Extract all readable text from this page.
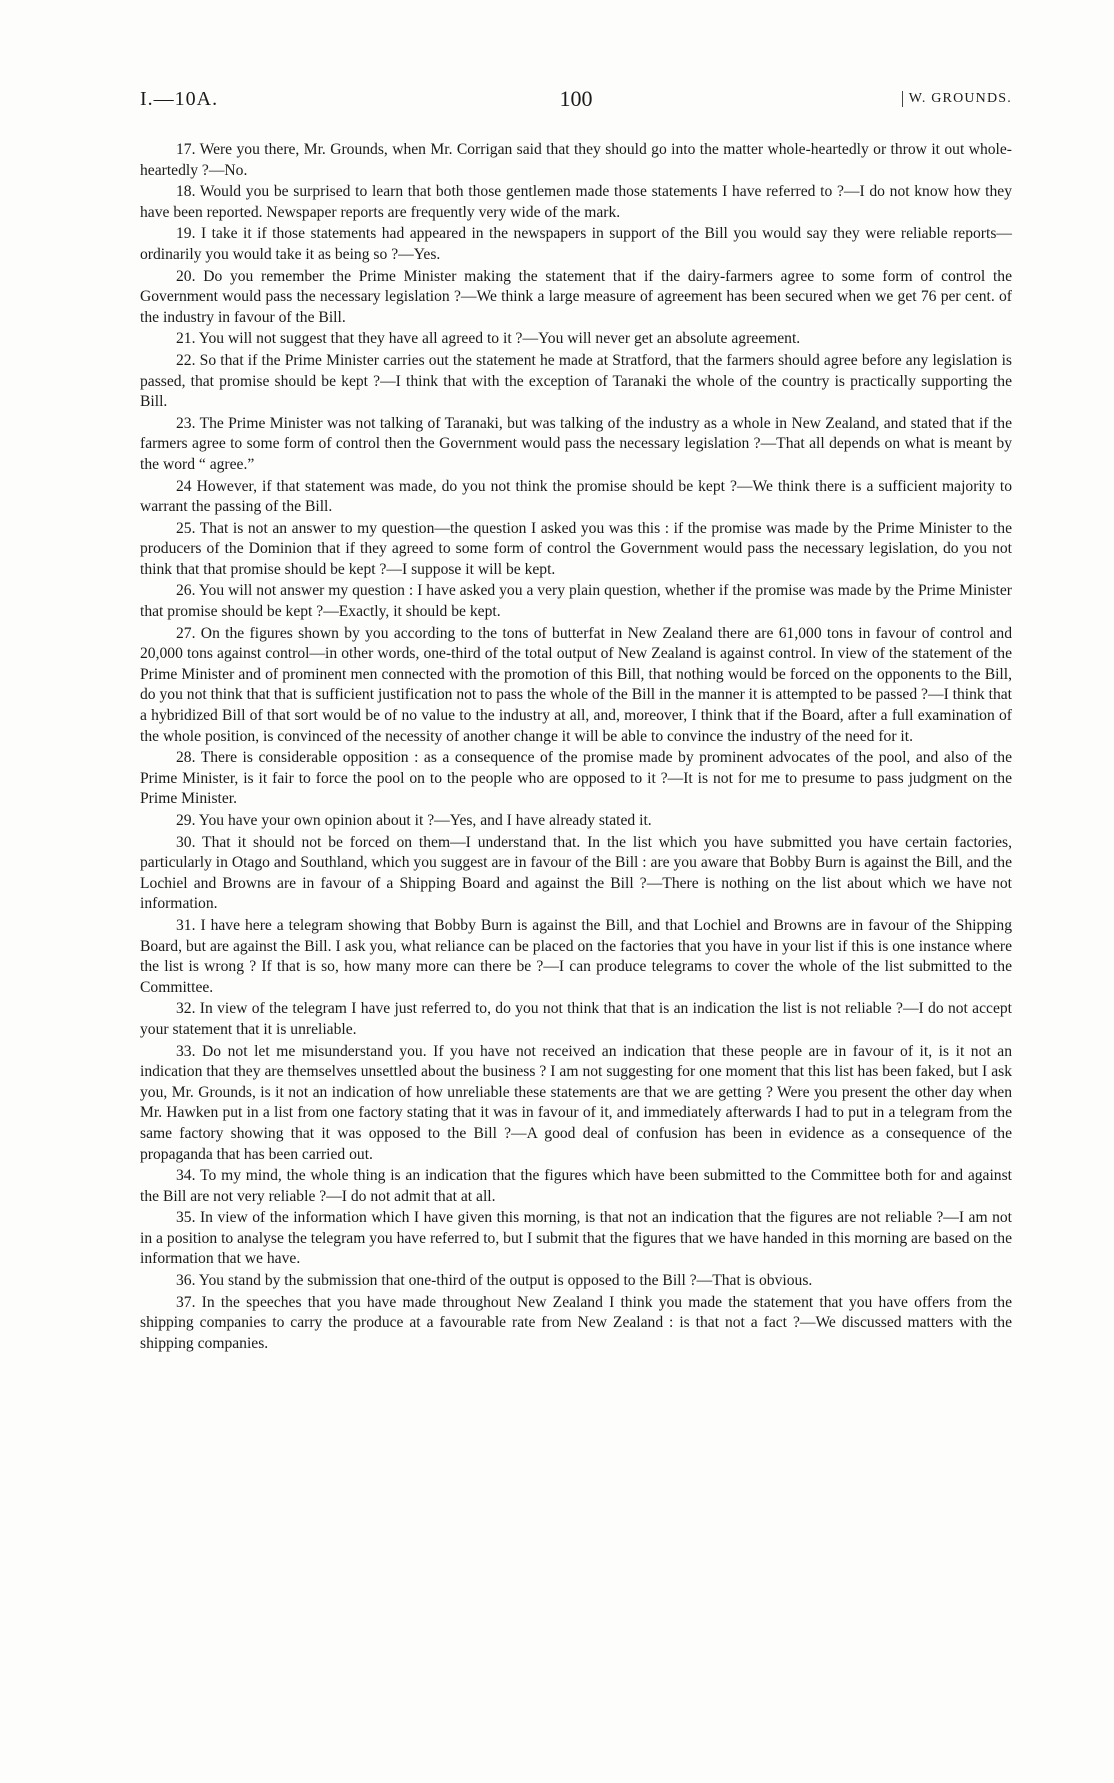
I.—10A.	100	W. GROUNDS.

17. Were you there, Mr. Grounds, when Mr. Corrigan said that they should go into the matter whole-heartedly or throw it out whole-heartedly ?—No.

18. Would you be surprised to learn that both those gentlemen made those statements I have referred to ?—I do not know how they have been reported. Newspaper reports are frequently very wide of the mark.

19. I take it if those statements had appeared in the newspapers in support of the Bill you would say they were reliable reports—ordinarily you would take it as being so ?—Yes.

20. Do you remember the Prime Minister making the statement that if the dairy-farmers agree to some form of control the Government would pass the necessary legislation ?—We think a large measure of agreement has been secured when we get 76 per cent. of the industry in favour of the Bill.

21. You will not suggest that they have all agreed to it ?—You will never get an absolute agreement.

22. So that if the Prime Minister carries out the statement he made at Stratford, that the farmers should agree before any legislation is passed, that promise should be kept ?—I think that with the exception of Taranaki the whole of the country is practically supporting the Bill.

23. The Prime Minister was not talking of Taranaki, but was talking of the industry as a whole in New Zealand, and stated that if the farmers agree to some form of control then the Government would pass the necessary legislation ?—That all depends on what is meant by the word “ agree.”

24 However, if that statement was made, do you not think the promise should be kept ?—We think there is a sufficient majority to warrant the passing of the Bill.

25. That is not an answer to my question—the question I asked you was this : if the promise was made by the Prime Minister to the producers of the Dominion that if they agreed to some form of control the Government would pass the necessary legislation, do you not think that that promise should be kept ?—I suppose it will be kept.

26. You will not answer my question : I have asked you a very plain question, whether if the promise was made by the Prime Minister that promise should be kept ?—Exactly, it should be kept.

27. On the figures shown by you according to the tons of butterfat in New Zealand there are 61,000 tons in favour of control and 20,000 tons against control—in other words, one-third of the total output of New Zealand is against control. In view of the statement of the Prime Minister and of prominent men connected with the promotion of this Bill, that nothing would be forced on the opponents to the Bill, do you not think that that is sufficient justification not to pass the whole of the Bill in the manner it is attempted to be passed ?—I think that a hybridized Bill of that sort would be of no value to the industry at all, and, moreover, I think that if the Board, after a full examination of the whole position, is convinced of the necessity of another change it will be able to convince the industry of the need for it.

28. There is considerable opposition : as a consequence of the promise made by prominent advocates of the pool, and also of the Prime Minister, is it fair to force the pool on to the people who are opposed to it ?—It is not for me to presume to pass judgment on the Prime Minister.

29. You have your own opinion about it ?—Yes, and I have already stated it.

30. That it should not be forced on them—I understand that. In the list which you have submitted you have certain factories, particularly in Otago and Southland, which you suggest are in favour of the Bill : are you aware that Bobby Burn is against the Bill, and the Lochiel and Browns are in favour of a Shipping Board and against the Bill ?—There is nothing on the list about which we have not information.

31. I have here a telegram showing that Bobby Burn is against the Bill, and that Lochiel and Browns are in favour of the Shipping Board, but are against the Bill. I ask you, what reliance can be placed on the factories that you have in your list if this is one instance where the list is wrong ? If that is so, how many more can there be ?—I can produce telegrams to cover the whole of the list submitted to the Committee.

32. In view of the telegram I have just referred to, do you not think that that is an indication the list is not reliable ?—I do not accept your statement that it is unreliable.

33. Do not let me misunderstand you. If you have not received an indication that these people are in favour of it, is it not an indication that they are themselves unsettled about the business ? I am not suggesting for one moment that this list has been faked, but I ask you, Mr. Grounds, is it not an indication of how unreliable these statements are that we are getting ? Were you present the other day when Mr. Hawken put in a list from one factory stating that it was in favour of it, and immediately afterwards I had to put in a telegram from the same factory showing that it was opposed to the Bill ?—A good deal of confusion has been in evidence as a consequence of the propaganda that has been carried out.

34. To my mind, the whole thing is an indication that the figures which have been submitted to the Committee both for and against the Bill are not very reliable ?—I do not admit that at all.

35. In view of the information which I have given this morning, is that not an indication that the figures are not reliable ?—I am not in a position to analyse the telegram you have referred to, but I submit that the figures that we have handed in this morning are based on the information that we have.

36. You stand by the submission that one-third of the output is opposed to the Bill ?—That is obvious.

37. In the speeches that you have made throughout New Zealand I think you made the statement that you have offers from the shipping companies to carry the produce at a favourable rate from New Zealand : is that not a fact ?—We discussed matters with the shipping companies.
